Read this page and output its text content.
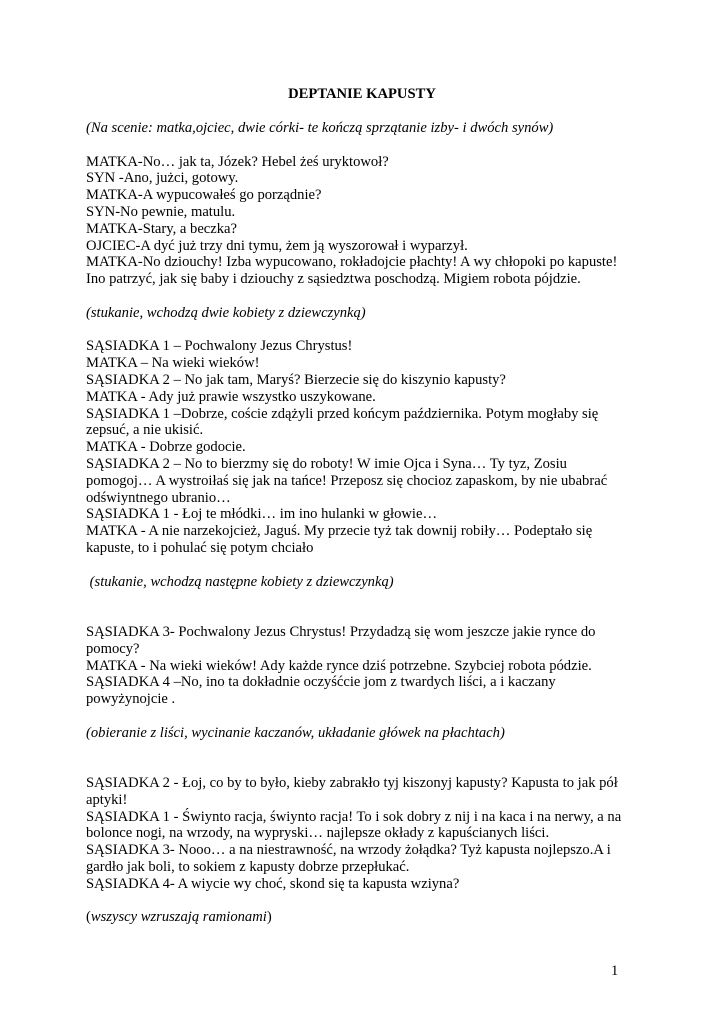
DEPTANIE KAPUSTY
(Na scenie: matka,ojciec, dwie córki- te kończą sprzątanie izby- i dwóch synów)
MATKA-No… jak ta, Józek? Hebel żeś uryktowoł?
SYN -Ano, jużci, gotowy.
MATKA-A wypucowałeś go porządnie?
SYN-No pewnie, matulu.
MATKA-Stary, a beczka?
OJCIEC-A dyć już trzy dni tymu, żem ją wyszorował i wyparzył.
MATKA-No dziouchy! Izba wypucowano, rokładojcie płachty! A wy chłopoki po kapuste!
Ino patrzyć, jak się baby i dziouchy z sąsiedztwa poschodzą. Migiem robota pójdzie.
(stukanie, wchodzą dwie kobiety z dziewczynką)
SĄSIADKA 1 – Pochwalony Jezus Chrystus!
MATKA – Na wieki wieków!
SĄSIADKA 2 – No jak tam, Maryś? Bierzecie się do kiszynio kapusty?
MATKA - Ady już prawie wszystko uszykowane.
SĄSIADKA 1 –Dobrze, coście zdążyli przed końcym października. Potym mogłaby się
zepsuć, a nie ukisić.
MATKA - Dobrze godocie.
SĄSIADKA 2 – No to bierzmy się do roboty! W imie Ojca i Syna… Ty tyz, Zosiu
pomogoj… A wystroiłaś się jak na tańce! Przeposz się chocioz zapaskom, by nie ubabrać
odświyntnego ubranio…
SĄSIADKA 1 - Łoj te młódki… im ino hulanki w głowie…
MATKA - A nie narzekojcież, Jaguś. My przecie tyż tak downij robiły… Podeptało się
kapuste, to i pohulać się potym chciało
(stukanie, wchodzą następne kobiety z dziewczynką)
SĄSIADKA 3- Pochwalony Jezus Chrystus! Przydadzą się wom jeszcze jakie rynce do
pomocy?
MATKA - Na wieki wieków! Ady każde rynce dziś potrzebne. Szybciej robota pódzie.
SĄSIADKA 4 –No, ino ta dokładnie oczyśćcie jom z twardych liści, a i kaczany
powyżynojcie .
(obieranie z liści, wycinanie kaczanów, układanie główek na płachtach)
SĄSIADKA 2 - Łoj, co by to było, kieby zabrakło tyj kiszonyj kapusty? Kapusta to jak pół
aptyki!
SĄSIADKA 1 - Świynto racja, świynto racja! To i sok dobry z nij i na kaca i na nerwy, a na
bolonce nogi, na wrzody, na wypryski… najlepsze okłady z kapuścianych liści.
SĄSIADKA 3- Nooo… a na niestrawność, na wrzody żołądka? Tyż kapusta nojlepszo.A i
gardło jak boli, to sokiem z kapusty dobrze przepłukać.
SĄSIADKA 4- A wiycie wy choć, skond się ta kapusta wziyna?
(wszyscy wzruszają ramionami)
1
